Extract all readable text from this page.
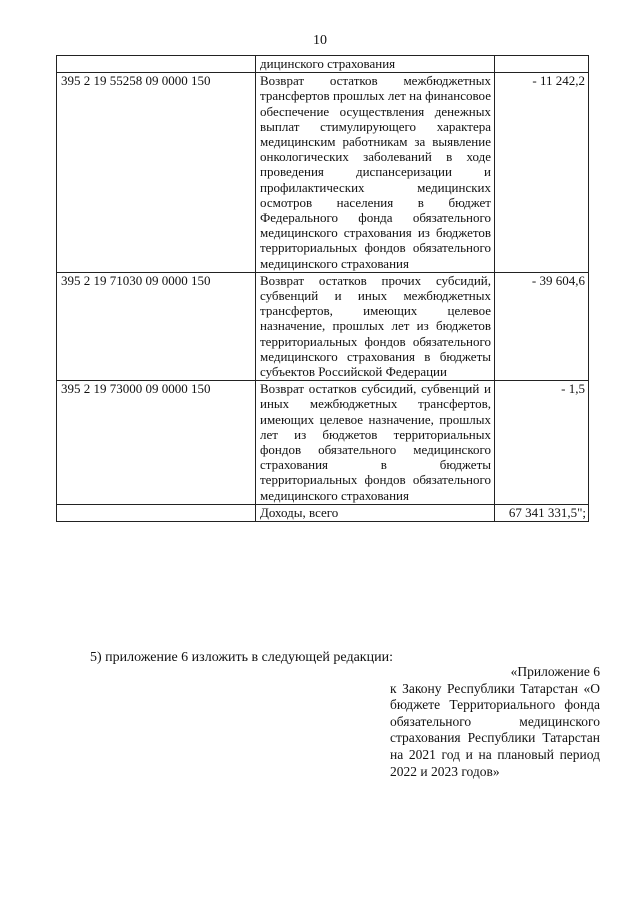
10
	дицинского страхования	
395 2 19 55258 09 0000 150	Возврат остатков межбюджетных трансфертов прошлых лет на финансовое обеспечение осуществления денежных выплат стимулирующего характера медицинским работникам за выявление онкологических заболеваний в ходе проведения диспансеризации и профилактических медицинских осмотров населения в бюджет Федерального фонда обязательного медицинского страхования из бюджетов территориальных фондов обязательного медицинского страхования	- 11 242,2
395 2 19 71030 09 0000 150	Возврат остатков прочих субсидий, субвенций и иных межбюджетных трансфертов, имеющих целевое назначение, прошлых лет из бюджетов территориальных фондов обязательного медицинского страхования в бюджеты субъектов Российской Федерации	- 39 604,6
395 2 19 73000 09 0000 150	Возврат остатков субсидий, субвенций и иных межбюджетных трансфертов, имеющих целевое назначение, прошлых лет из бюджетов территориальных фондов обязательного медицинского страхования в бюджеты территориальных фондов обязательного медицинского страхования	- 1,5
	Доходы, всего	67 341 331,5";
5) приложение 6 изложить в следующей редакции:
«Приложение 6
к Закону Республики Татарстан «О бюджете Территориального фонда обязательного медицинского страхования Республики Татарстан на 2021 год и на плановый период 2022 и 2023 годов»
